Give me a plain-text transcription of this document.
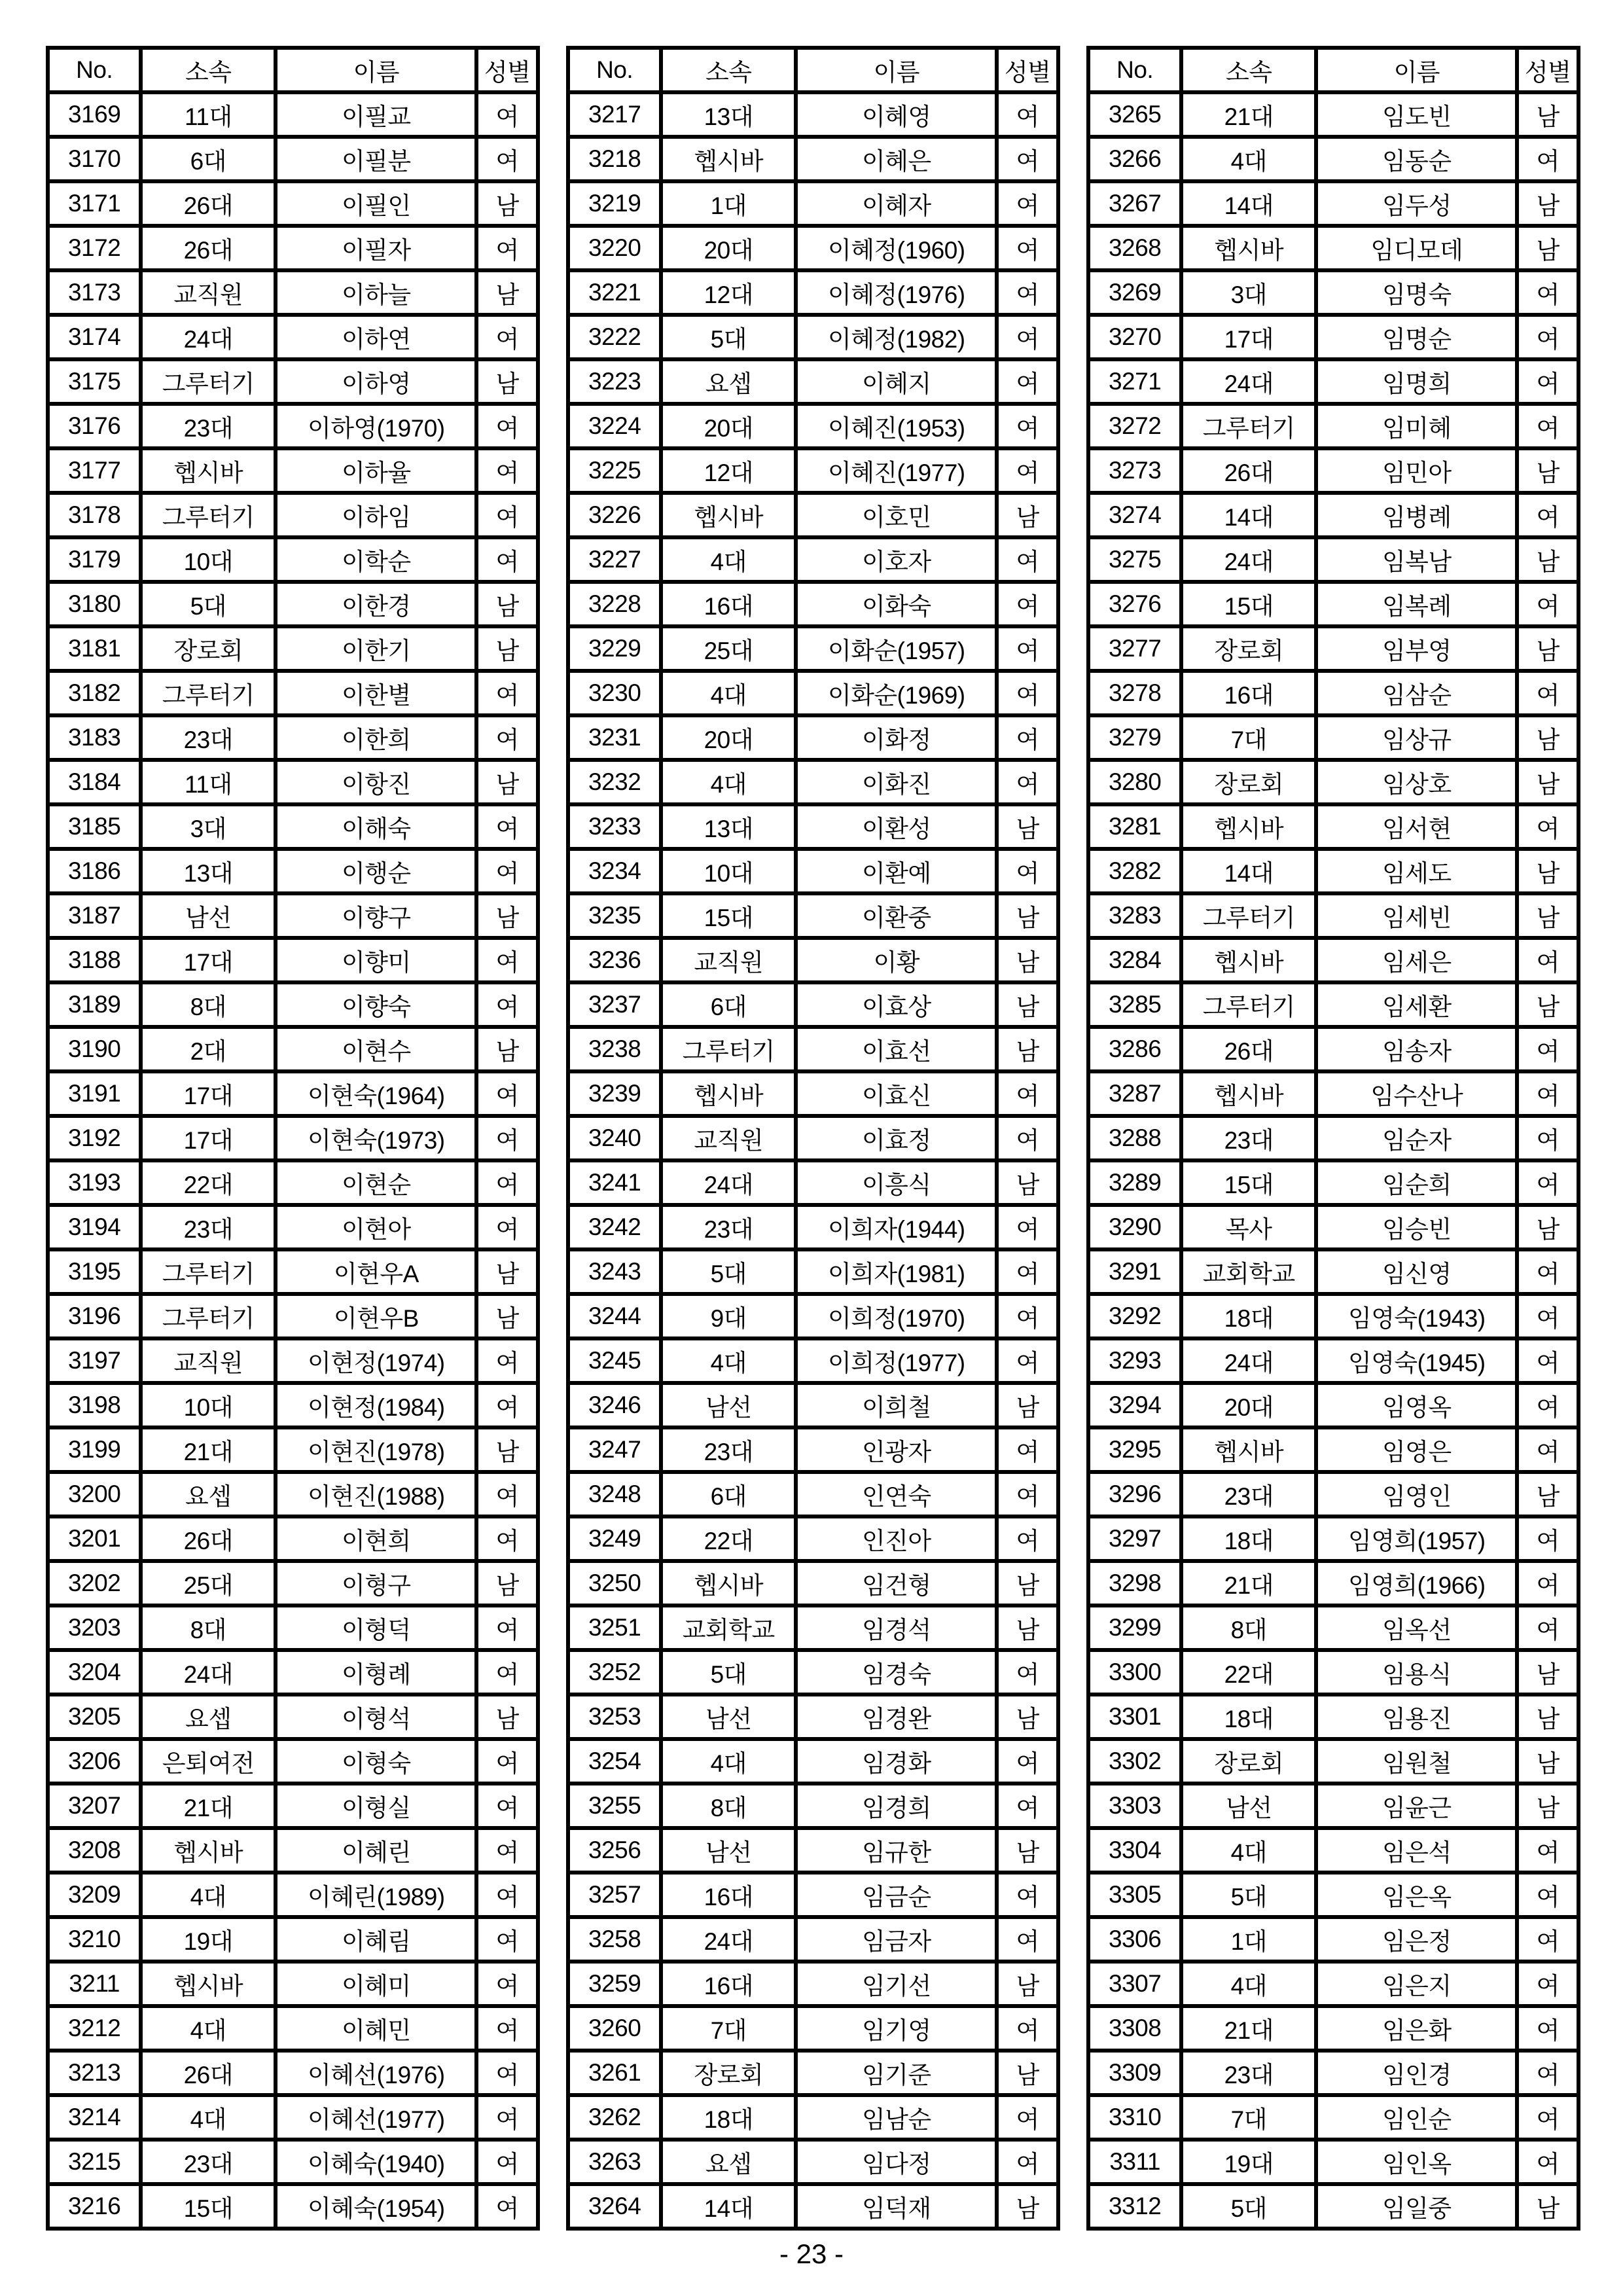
No.	소속	이름	성별
3169	11대	이필교	여
3170	6대	이필분	여
3171	26대	이필인	남
3172	26대	이필자	여
3173	교직원	이하늘	남
3174	24대	이하연	여
3175	그루터기	이하영	남
3176	23대	이하영(1970)	여
3177	헵시바	이하율	여
3178	그루터기	이하임	여
3179	10대	이학순	여
3180	5대	이한경	남
3181	장로회	이한기	남
3182	그루터기	이한별	여
3183	23대	이한희	여
3184	11대	이항진	남
3185	3대	이해숙	여
3186	13대	이행순	여
3187	남선	이향구	남
3188	17대	이향미	여
3189	8대	이향숙	여
3190	2대	이현수	남
3191	17대	이현숙(1964)	여
3192	17대	이현숙(1973)	여
3193	22대	이현순	여
3194	23대	이현아	여
3195	그루터기	이현우A	남
3196	그루터기	이현우B	남
3197	교직원	이현정(1974)	여
3198	10대	이현정(1984)	여
3199	21대	이현진(1978)	남
3200	요셉	이현진(1988)	여
3201	26대	이현희	여
3202	25대	이형구	남
3203	8대	이형덕	여
3204	24대	이형례	여
3205	요셉	이형석	남
3206	은퇴여전	이형숙	여
3207	21대	이형실	여
3208	헵시바	이혜린	여
3209	4대	이혜린(1989)	여
3210	19대	이혜림	여
3211	헵시바	이혜미	여
3212	4대	이혜민	여
3213	26대	이혜선(1976)	여
3214	4대	이혜선(1977)	여
3215	23대	이혜숙(1940)	여
3216	15대	이혜숙(1954)	여
No.	소속	이름	성별
3217	13대	이혜영	여
3218	헵시바	이혜은	여
3219	1대	이혜자	여
3220	20대	이혜정(1960)	여
3221	12대	이혜정(1976)	여
3222	5대	이혜정(1982)	여
3223	요셉	이혜지	여
3224	20대	이혜진(1953)	여
3225	12대	이혜진(1977)	여
3226	헵시바	이호민	남
3227	4대	이호자	여
3228	16대	이화숙	여
3229	25대	이화순(1957)	여
3230	4대	이화순(1969)	여
3231	20대	이화정	여
3232	4대	이화진	여
3233	13대	이환성	남
3234	10대	이환예	여
3235	15대	이환중	남
3236	교직원	이황	남
3237	6대	이효상	남
3238	그루터기	이효선	남
3239	헵시바	이효신	여
3240	교직원	이효정	여
3241	24대	이흥식	남
3242	23대	이희자(1944)	여
3243	5대	이희자(1981)	여
3244	9대	이희정(1970)	여
3245	4대	이희정(1977)	여
3246	남선	이희철	남
3247	23대	인광자	여
3248	6대	인연숙	여
3249	22대	인진아	여
3250	헵시바	임건형	남
3251	교회학교	임경석	남
3252	5대	임경숙	여
3253	남선	임경완	남
3254	4대	임경화	여
3255	8대	임경희	여
3256	남선	임규한	남
3257	16대	임금순	여
3258	24대	임금자	여
3259	16대	임기선	남
3260	7대	임기영	여
3261	장로회	임기준	남
3262	18대	임남순	여
3263	요셉	임다정	여
3264	14대	임덕재	남
No.	소속	이름	성별
3265	21대	임도빈	남
3266	4대	임동순	여
3267	14대	임두성	남
3268	헵시바	임디모데	남
3269	3대	임명숙	여
3270	17대	임명순	여
3271	24대	임명희	여
3272	그루터기	임미혜	여
3273	26대	임민아	남
3274	14대	임병례	여
3275	24대	임복남	남
3276	15대	임복례	여
3277	장로회	임부영	남
3278	16대	임삼순	여
3279	7대	임상규	남
3280	장로회	임상호	남
3281	헵시바	임서현	여
3282	14대	임세도	남
3283	그루터기	임세빈	남
3284	헵시바	임세은	여
3285	그루터기	임세환	남
3286	26대	임송자	여
3287	헵시바	임수산나	여
3288	23대	임순자	여
3289	15대	임순희	여
3290	목사	임승빈	남
3291	교회학교	임신영	여
3292	18대	임영숙(1943)	여
3293	24대	임영숙(1945)	여
3294	20대	임영옥	여
3295	헵시바	임영은	여
3296	23대	임영인	남
3297	18대	임영희(1957)	여
3298	21대	임영희(1966)	여
3299	8대	임옥선	여
3300	22대	임용식	남
3301	18대	임용진	남
3302	장로회	임원철	남
3303	남선	임윤근	남
3304	4대	임은석	여
3305	5대	임은옥	여
3306	1대	임은정	여
3307	4대	임은지	여
3308	21대	임은화	여
3309	23대	임인경	여
3310	7대	임인순	여
3311	19대	임인옥	여
3312	5대	임일중	남
- 23 -
